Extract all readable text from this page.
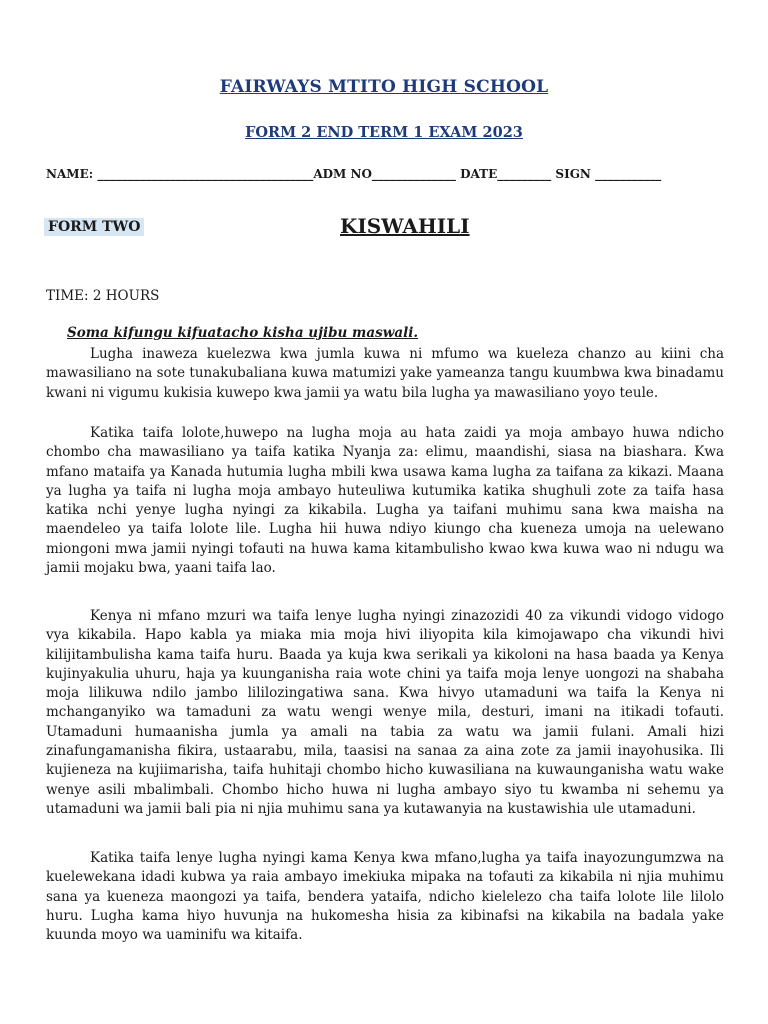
FAIRWAYS MTITO HIGH SCHOOL
FORM 2 END TERM 1 EXAM 2023
NAME: ____________________________________ADM NO______________ DATE_________ SIGN ___________
FORM TWO	KISWAHILI
TIME: 2 HOURS
Soma kifungu kifuatacho kisha ujibu maswali.

Lugha inaweza kuelezwa kwa jumla kuwa ni mfumo wa kueleza chanzo au kiini cha mawasiliano na sote tunakubaliana kuwa matumizi yake yameanza tangu kuumbwa kwa binadamu kwani ni vigumu kukisia kuwepo kwa jamii ya watu bila lugha ya mawasiliano yoyo teule.

Katika taifa lolote,huwepo na lugha moja au hata zaidi ya moja ambayo huwa ndicho chombo cha mawasiliano ya taifa katika Nyanja za: elimu, maandishi, siasa na biashara. Kwa mfano mataifa ya Kanada hutumia lugha mbili kwa usawa kama lugha za taifana za kikazi. Maana ya lugha ya taifa ni lugha moja ambayo huteuliwa kutumika katika shughuli zote za taifa hasa katika nchi yenye lugha nyingi za kikabila. Lugha ya taifani muhimu sana kwa maisha na maendeleo ya taifa lolote lile. Lugha hii huwa ndiyo kiungo cha kueneza umoja na uelewano miongoni mwa jamii nyingi tofauti na huwa kama kitambulisho kwao kwa kuwa wao ni ndugu wa jamii mojaku bwa, yaani taifa lao.

Kenya ni mfano mzuri wa taifa lenye lugha nyingi zinazozidi 40 za vikundi vidogo vidogo vya kikabila. Hapo kabla ya miaka mia moja hivi iliyopita kila kimojawapo cha vikundi hivi kilijitambulisha kama taifa huru. Baada ya kuja kwa serikali ya kikoloni na hasa baada ya Kenya kujinyakulia uhuru, haja ya kuunganisha raia wote chini ya taifa moja lenye uongozi na shabaha moja lilikuwa ndilo jambo lililozingatiwa sana. Kwa hivyo utamaduni wa taifa la Kenya ni mchanganyiko wa tamaduni za watu wengi wenye mila, desturi, imani na itikadi tofauti. Utamaduni humaanisha jumla ya amali na tabia za watu wa jamii fulani. Amali hizi zinafungamanisha fikira, ustaarabu, mila, taasisi na sanaa za aina zote za jamii inayohusika. Ili kujieneza na kujiimarisha, taifa huhitaji chombo hicho kuwasiliana na kuwaunganisha watu wake wenye asili mbalimbali. Chombo hicho huwa ni lugha ambayo siyo tu kwamba ni sehemu ya utamaduni wa jamii bali pia ni njia muhimu sana ya kutawanyia na kustawishia ule utamaduni.

Katika taifa lenye lugha nyingi kama Kenya kwa mfano,lugha ya taifa inayozungumzwa na kuelewekana idadi kubwa ya raia ambayo imekiuka mipaka na tofauti za kikabila ni njia muhimu sana ya kueneza maongozi ya taifa, bendera yataifa, ndicho kielelezo cha taifa lolote lile lilolo huru. Lugha kama hiyo huvunja na hukomesha hisia za kibinafsi na kikabila na badala yake kuunda moyo wa uaminifu wa kitaifa.
